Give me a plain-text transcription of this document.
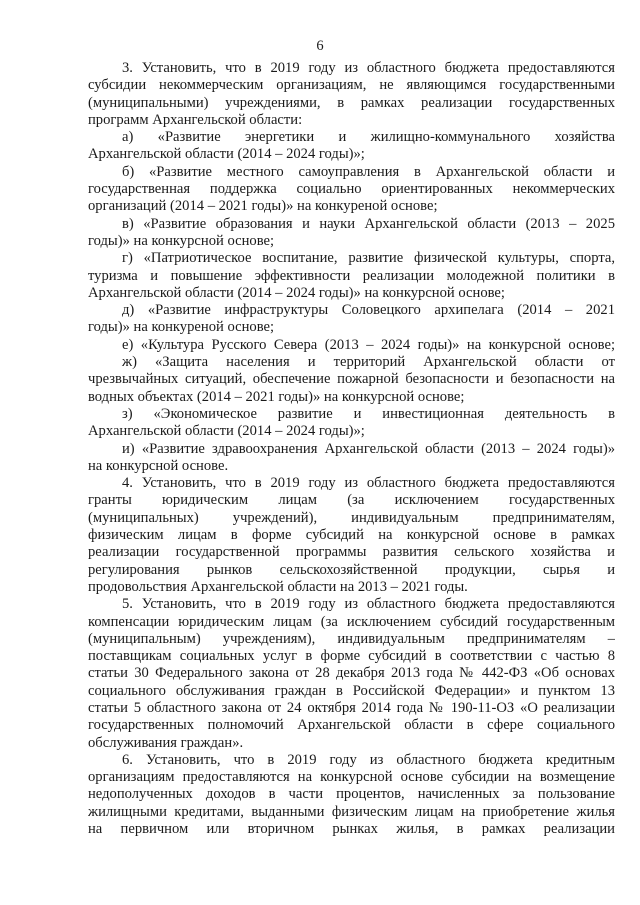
6
3. Установить, что в 2019 году из областного бюджета предоставляются
субсидии некоммерческим организациям, не являющимся государственными
(муниципальными) учреждениями, в рамках реализации государственных
программ Архангельской области:
а) «Развитие энергетики и жилищно-коммунального хозяйства
Архангельской области (2014 – 2024 годы)»;
б) «Развитие местного самоуправления в Архангельской области и
государственная поддержка социально ориентированных некоммерческих
организаций (2014 – 2021 годы)» на конкуреной основе;
в) «Развитие образования и науки Архангельской области (2013 – 2025
годы)» на конкурсной основе;
г) «Патриотическое воспитание, развитие физической культуры, спорта,
туризма и повышение эффективности реализации молодежной политики в
Архангельской области (2014 – 2024 годы)» на конкурсной основе;
д) «Развитие инфраструктуры Соловецкого архипелага (2014 – 2021
годы)» на конкуреной основе;
е) «Культура Русского Севера (2013 – 2024 годы)» на конкурсной основе;
ж) «Защита населения и территорий Архангельской области от
чрезвычайных ситуаций, обеспечение пожарной безопасности и безопасности на
водных объектах (2014 – 2021 годы)» на конкурсной основе;
з) «Экономическое развитие и инвестиционная деятельность в
Архангельской области (2014 – 2024 годы)»;
и) «Развитие здравоохранения Архангельской области (2013 – 2024 годы)»
на конкурсной основе.
4. Установить, что в 2019 году из областного бюджета предоставляются
гранты юридическим лицам (за исключением государственных
(муниципальных) учреждений), индивидуальным предпринимателям,
физическим лицам в форме субсидий на конкурсной основе в рамках
реализации государственной программы развития сельского хозяйства и
регулирования рынков сельскохозяйственной продукции, сырья и
продовольствия Архангельской области на 2013 – 2021 годы.
5. Установить, что в 2019 году из областного бюджета предоставляются
компенсации юридическим лицам (за исключением субсидий государственным
(муниципальным) учреждениям), индивидуальным предпринимателям –
поставщикам социальных услуг в форме субсидий в соответствии с частью 8
статьи 30 Федерального закона от 28 декабря 2013 года № 442-ФЗ «Об основах
социального обслуживания граждан в Российской Федерации» и пунктом 13
статьи 5 областного закона от 24 октября 2014 года № 190-11-ОЗ «О реализации
государственных полномочий Архангельской области в сфере социального
обслуживания граждан».
6. Установить, что в 2019 году из областного бюджета кредитным
организациям предоставляются на конкурсной основе субсидии на возмещение
недополученных доходов в части процентов, начисленных за пользование
жилищными кредитами, выданными физическим лицам на приобретение жилья
на первичном или вторичном рынках жилья, в рамках реализации
